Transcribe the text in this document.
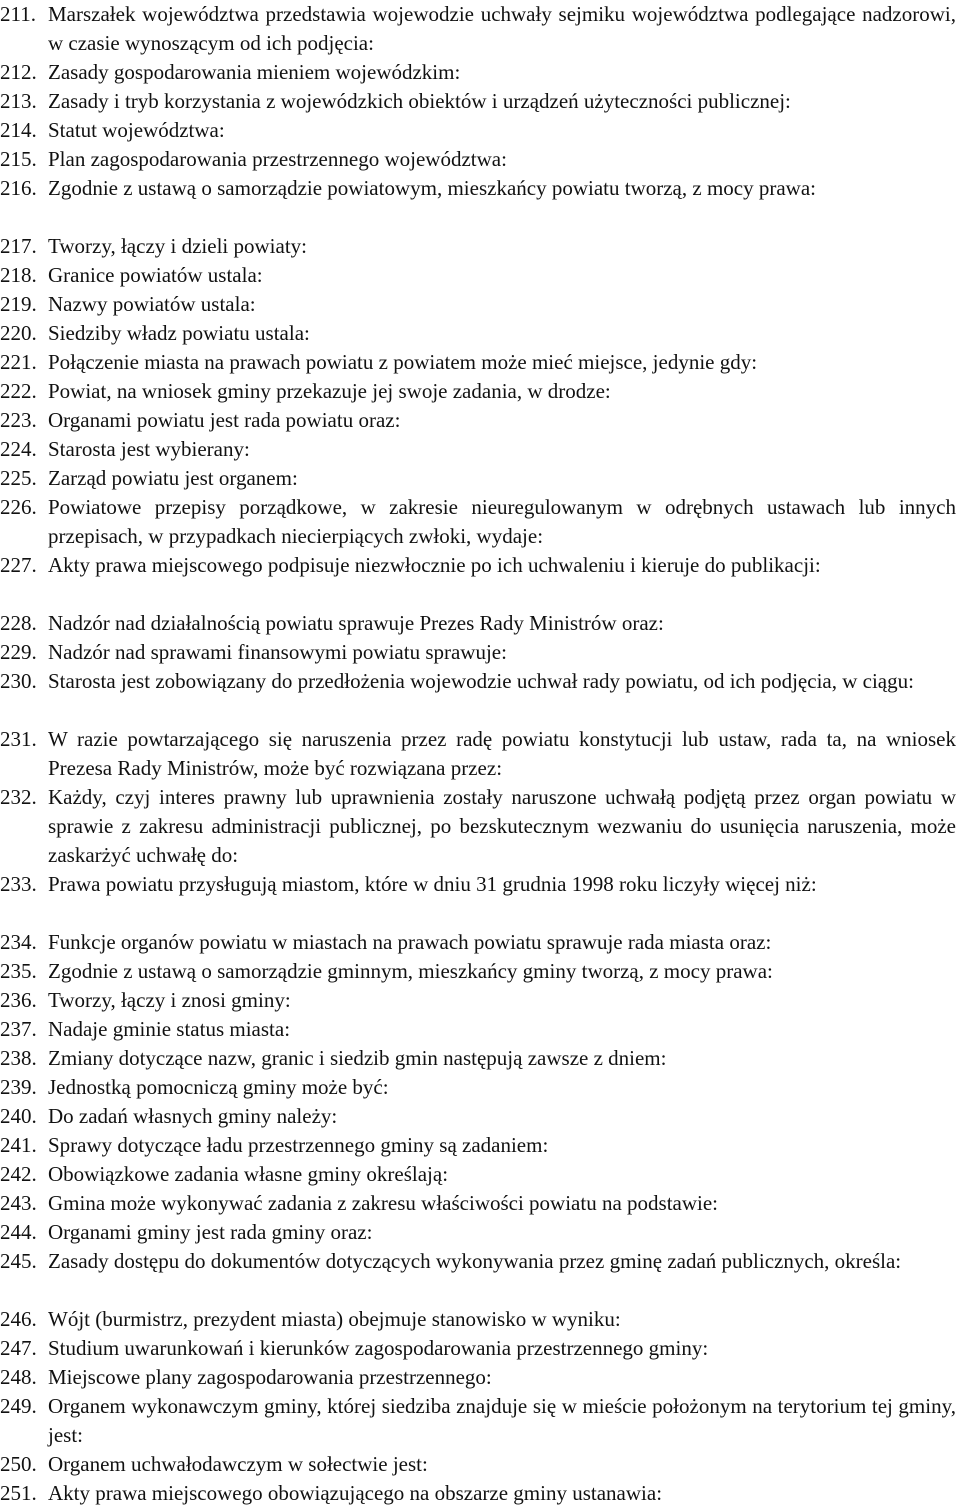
211. Marszałek województwa przedstawia wojewodzie uchwały sejmiku województwa podlegające nadzorowi, w czasie wynoszącym od ich podjęcia:
212. Zasady gospodarowania mieniem wojewódzkim:
213. Zasady i tryb korzystania z wojewódzkich obiektów i urządzeń użyteczności publicznej:
214. Statut województwa:
215. Plan zagospodarowania przestrzennego województwa:
216. Zgodnie z ustawą o samorządzie powiatowym, mieszkańcy powiatu tworzą, z mocy prawa:
217. Tworzy, łączy i dzieli powiaty:
218. Granice powiatów ustala:
219. Nazwy powiatów ustala:
220. Siedziby władz powiatu ustala:
221. Połączenie miasta na prawach powiatu z powiatem może mieć miejsce, jedynie gdy:
222. Powiat, na wniosek gminy przekazuje jej swoje zadania, w drodze:
223. Organami powiatu jest rada powiatu oraz:
224. Starosta jest wybierany:
225. Zarząd powiatu jest organem:
226. Powiatowe przepisy porządkowe, w zakresie nieuregulowanym w odrębnych ustawach lub innych przepisach, w przypadkach niecierpiących zwłoki, wydaje:
227. Akty prawa miejscowego podpisuje niezwłocznie po ich uchwaleniu i kieruje do publikacji:
228. Nadzór nad działalnością powiatu sprawuje Prezes Rady Ministrów oraz:
229. Nadzór nad sprawami finansowymi powiatu sprawuje:
230. Starosta jest zobowiązany do przedłożenia wojewodzie uchwał rady powiatu, od ich podjęcia, w ciągu:
231. W razie powtarzającego się naruszenia przez radę powiatu konstytucji lub ustaw, rada ta, na wniosek Prezesa Rady Ministrów, może być rozwiązana przez:
232. Każdy, czyj interes prawny lub uprawnienia zostały naruszone uchwałą podjętą przez organ powiatu w sprawie z zakresu administracji publicznej, po bezskutecznym wezwaniu do usunięcia naruszenia, może zaskarżyć uchwałę do:
233. Prawa powiatu przysługują miastom, które w dniu 31 grudnia 1998 roku liczyły więcej niż:
234. Funkcje organów powiatu w miastach na prawach powiatu sprawuje rada miasta oraz:
235. Zgodnie z ustawą o samorządzie gminnym, mieszkańcy gminy tworzą, z mocy prawa:
236. Tworzy, łączy i znosi gminy:
237. Nadaje gminie status miasta:
238. Zmiany dotyczące nazw, granic i siedzib gmin następują zawsze z dniem:
239. Jednostką pomocniczą gminy może być:
240. Do zadań własnych gminy należy:
241. Sprawy dotyczące ładu przestrzennego gminy są zadaniem:
242. Obowiązkowe zadania własne gminy określają:
243. Gmina może wykonywać zadania z zakresu właściwości powiatu na podstawie:
244. Organami gminy jest rada gminy oraz:
245. Zasady dostępu do dokumentów dotyczących wykonywania przez gminę zadań publicznych, określa:
246. Wójt (burmistrz, prezydent miasta) obejmuje stanowisko w wyniku:
247. Studium uwarunkowań i kierunków zagospodarowania przestrzennego gminy:
248. Miejscowe plany zagospodarowania przestrzennego:
249. Organem wykonawczym gminy, której siedziba znajduje się w mieście położonym na terytorium tej gminy, jest:
250. Organem uchwałodawczym w sołectwie jest:
251. Akty prawa miejscowego obowiązującego na obszarze gminy ustanawia:
